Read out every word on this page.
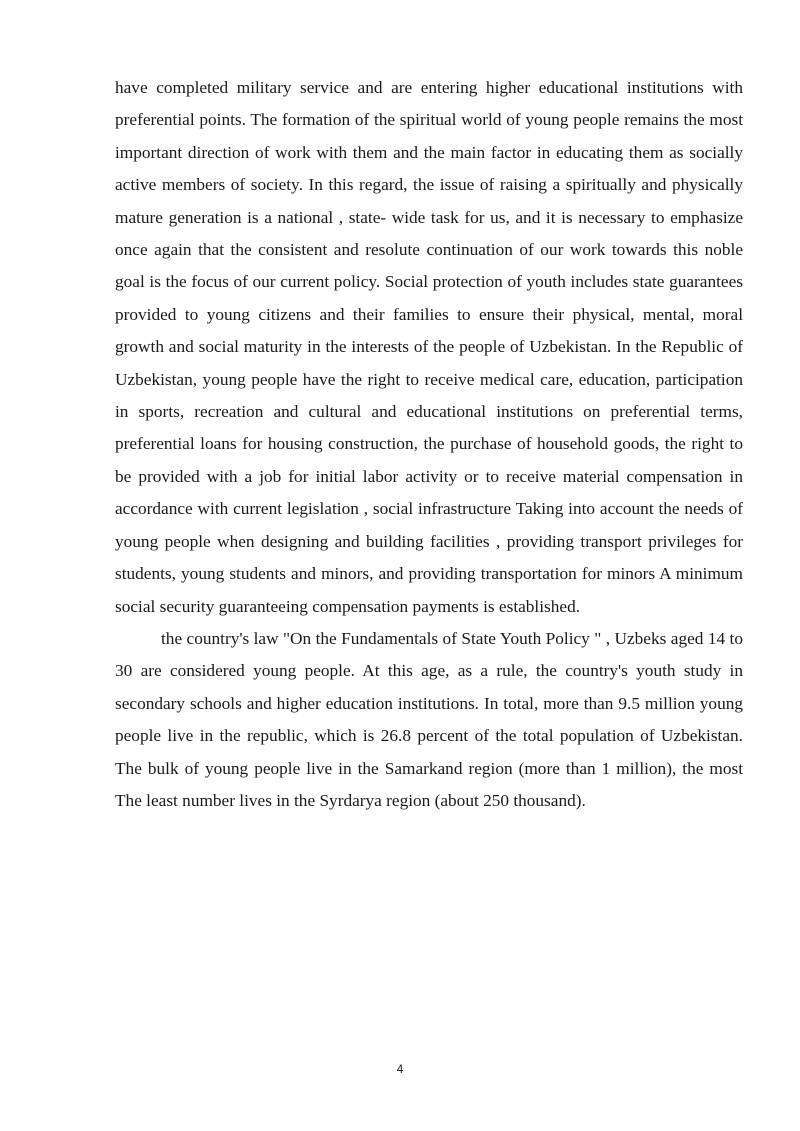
have completed military service and are entering higher educational institutions with preferential points. The formation of the spiritual world of young people remains the most important direction of work with them and the main factor in educating them as socially active members of society. In this regard, the issue of raising a spiritually and physically mature generation is a national , state- wide task for us, and it is necessary to emphasize once again that the consistent and resolute continuation of our work towards this noble goal is the focus of our current policy. Social protection of youth includes state guarantees provided to young citizens and their families to ensure their physical, mental, moral growth and social maturity in the interests of the people of Uzbekistan. In the Republic of Uzbekistan, young people have the right to receive medical care, education, participation in sports, recreation and cultural and educational institutions on preferential terms, preferential loans for housing construction, the purchase of household goods, the right to be provided with a job for initial labor activity or to receive material compensation in accordance with current legislation , social infrastructure Taking into account the needs of young people when designing and building facilities , providing transport privileges for students, young students and minors, and providing transportation for minors A minimum social security guaranteeing compensation payments is established.

the country's law "On the Fundamentals of State Youth Policy " , Uzbeks aged 14 to 30 are considered young people. At this age, as a rule, the country's youth study in secondary schools and higher education institutions. In total, more than 9.5 million young people live in the republic, which is 26.8 percent of the total population of Uzbekistan. The bulk of young people live in the Samarkand region (more than 1 million), the most The least number lives in the Syrdarya region (about 250 thousand).

4
